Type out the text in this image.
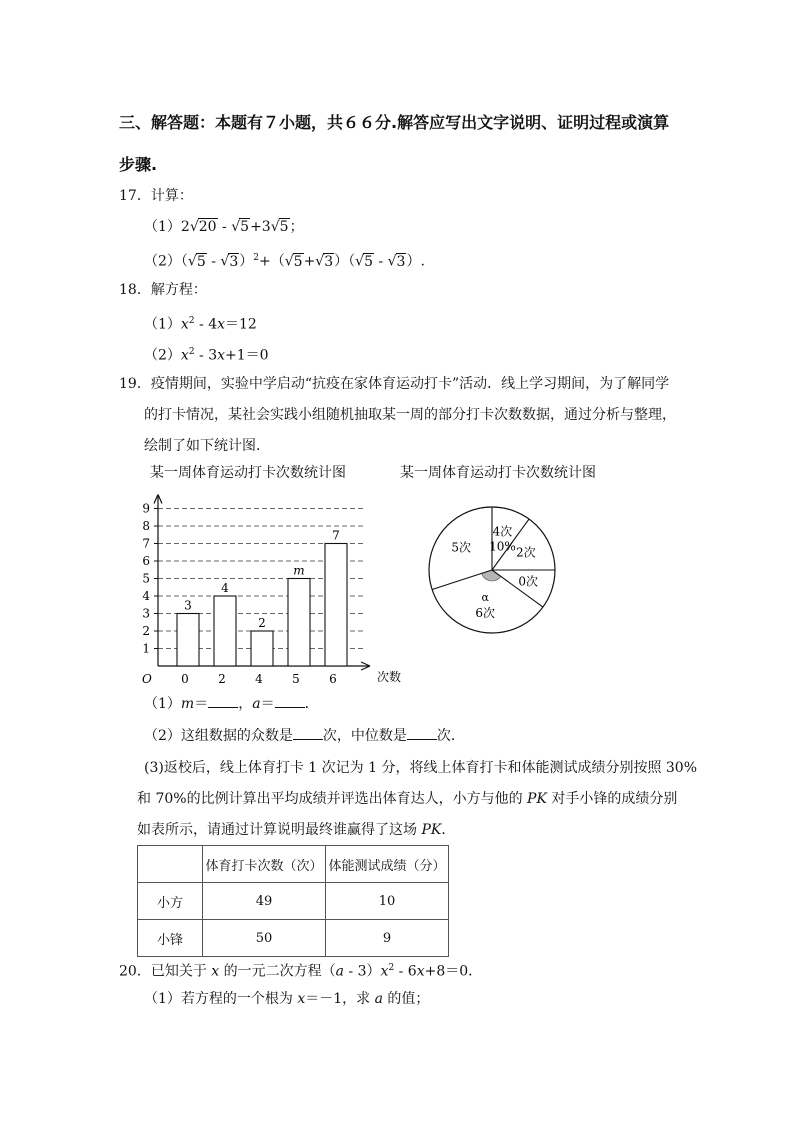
三、解答题：本题有７小题，共６６分.解答应写出文字说明、证明过程或演算
步骤.
17．计算：
（1）2√20 - √5+3√5；
（2）（√5 - √3）$^2$+（√5+√3）（√5 - √3）.
18．解方程：
$(1)x^2 - 4x=12$
$(2)x^2 - 3x+1=0$
19．疫情期间，实验中学启动“抗疫在家体育运动打卡”活动．线上学习期间，为了解同学
的打卡情况，某社会实践小组随机抽取某一周的部分打卡次数数据，通过分析与整理，
绘制了如下统计图．
某一周体育运动打卡次数统计图
1
2
3
4
5
6
7
8
9
O	次数
3
0
4
2
2
4
m
5
7
6
某一周体育运动打卡次数统计图
4次
2次
0次
6次
5次 10%
α
（1）m＝ ，a＝ ．
（2）这组数据的众数是 次，中位数是 次．
(3)返校后，线上体育打卡 1 次记为 1 分，将线上体育打卡和体能测试成绩分别按照 30%
和 70%的比例计算出平均成绩并评选出体育达人，小方与他的 PK 对手小锋的成绩分别
如表所示，请通过计算说明最终谁赢得了这场 PK．
	体育打卡次数（次）	体能测试成绩（分）
小方	49	10
小锋	50	9
20．已知关于 x 的一元二次方程$(a - 3)x^2 - 6x+8=0$．
（1）若方程的一个根为 x＝－1，求 a 的值；
